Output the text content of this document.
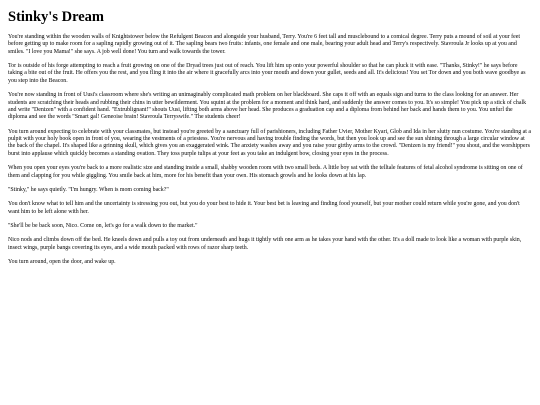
Stinky's Dream

You're standing within the wooden walls of Knightstower below the Refulgent Beacon and alongside your husband, Terry. You're 6 feet tall and musclebound to a comical degree. Terry puts a mound of soil at your feet before getting up to make room for a sapling rapidly growing out of it. The sapling bears two fruits: infants, one female and one male, bearing your adult head and Terry's respectively. Stavroula Jr looks up at you and smiles. "I love you Mama!" she says. A job well done! You turn and walk towards the tower.

Tor is outside of his forge attempting to reach a fruit growing on one of the Dryad trees just out of reach. You lift him up onto your powerful shoulder so that he can pluck it with ease. "Thanks, Stinky!" he says before taking a bite out of the fruit. He offers you the rest, and you fling it into the air where it gracefully arcs into your mouth and down your gullet, seeds and all. It's delicious! You set Tor down and you both wave goodbye as you step into the Beacon.

You're now standing in front of Uusi's classroom where she's writing an unimaginably complicated math problem on her blackboard. She caps it off with an equals sign and turns to the class looking for an answer. Her students are scratching their heads and rubbing their chins in utter bewilderment. You squint at the problem for a moment and think hard, and suddenly the answer comes to you. It's so simple! You pick up a stick of chalk and write "Denizen" with a confident hand. "Extrublignant!" shouts Uusi, lifting both arms above her head. She produces a graduation cap and a diploma from behind her back and hands them to you. You unfurl the diploma and see the words "Smart gal! Geneoise brain! Stavroula Terryswife." The students cheer!

You turn around expecting to celebrate with your classmates, but instead you're greeted by a sanctuary full of parishioners, including Father Uvier, Mother Kyari, Glob and Ida in her slutty nun costume. You're standing at a pulpit with your holy book open in front of you, wearing the vestments of a priestess. You're nervous and having trouble finding the words, but then you look up and see the sun shining through a large circular window at the back of the chapel. It's shaped like a grinning skull, which gives you an exaggerated wink. The anxiety washes away and you raise your girthy arms to the crowd. "Denizen is my friend!" you shout, and the worshippers burst into applause which quickly becomes a standing ovation. They toss purple tulips at your feet as you take an indulgent bow, closing your eyes in the process.

When you open your eyes you're back to a more realistic size and standing inside a small, shabby wooden room with two small beds. A little boy sat with the telltale features of fetal alcohol syndrome is sitting on one of them and clapping for you while giggling. You smile back at him, more for his benefit than your own. His stomach growls and he looks down at his lap.

"Stinky," he says quietly. "I'm hungry. When is mom coming back?"

You don't know what to tell him and the uncertainty is stressing you out, but you do your best to hide it. Your best bet is leaving and finding food yourself, but your mother could return while you're gone, and you don't want him to be left alone with her.

"She'll be be back soon, Nico. Come on, let's go for a walk down to the market."

Nico nods and climbs down off the bed. He kneels down and pulls a toy out from underneath and hugs it tightly with one arm as he takes your hand with the other. It's a doll made to look like a woman with purple skin, insect wings, purple bangs covering its eyes, and a wide mouth packed with rows of razor sharp teeth.

You turn around, open the door, and wake up.
